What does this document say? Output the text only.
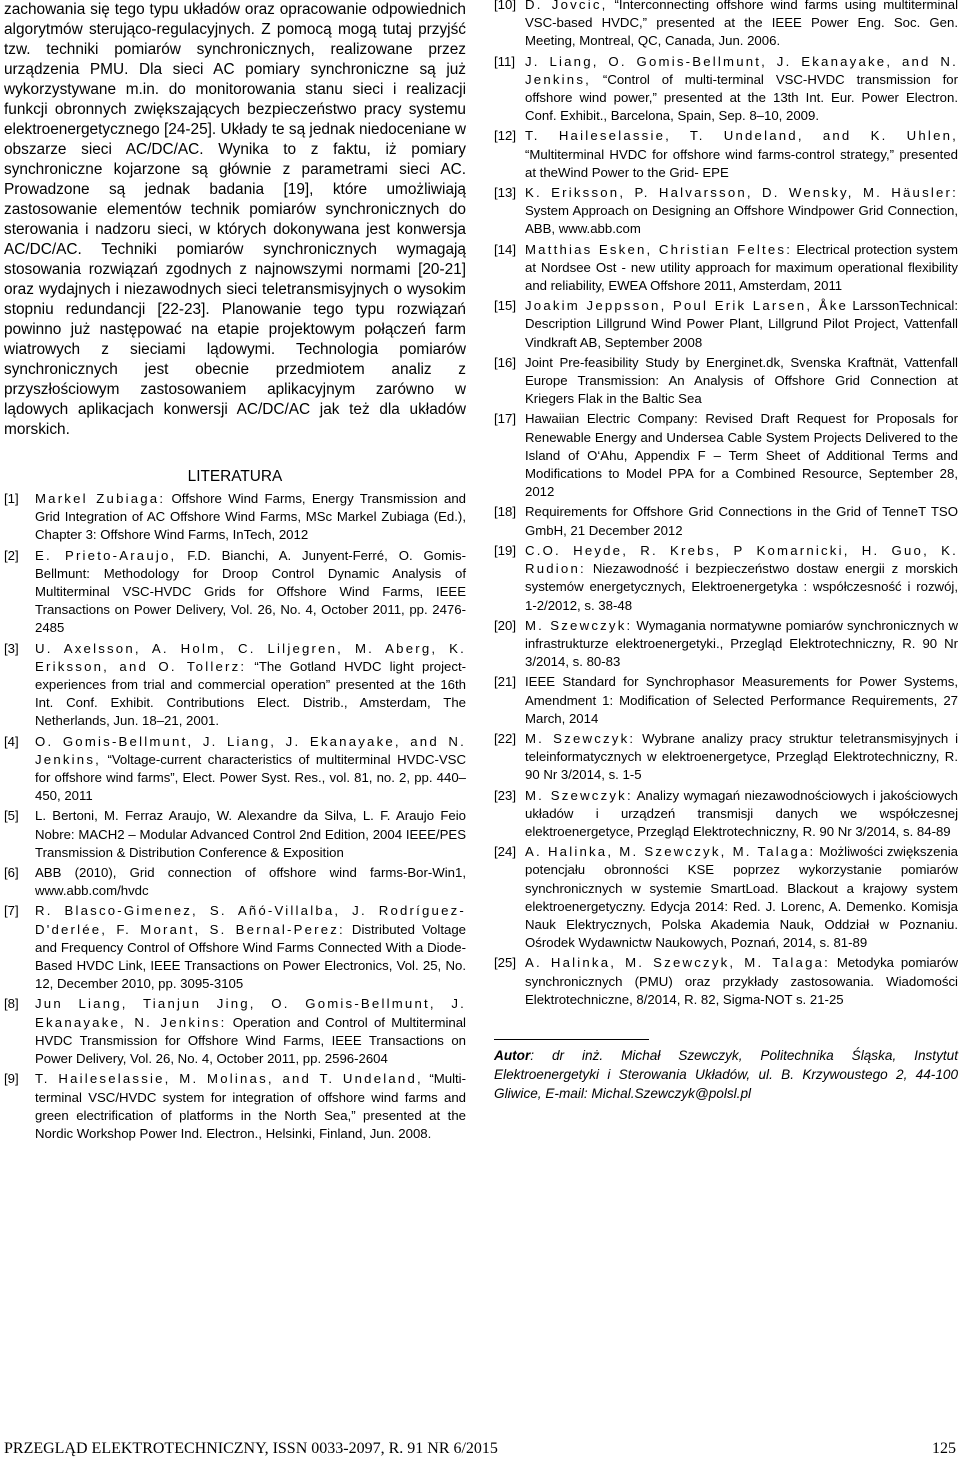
zachowania się tego typu układów oraz opracowanie odpowiednich algorytmów sterująco-regulacyjnych. Z pomocą mogą tutaj przyjść tzw. techniki pomiarów synchronicznych, realizowane przez urządzenia PMU. Dla sieci AC pomiary synchroniczne są już wykorzystywane m.in. do monitorowania stanu sieci i realizacji funkcji obronnych zwiększających bezpieczeństwo pracy systemu elektroenergetycznego [24-25]. Układy te są jednak niedoceniane w obszarze sieci AC/DC/AC. Wynika to z faktu, iż pomiary synchroniczne kojarzone są głównie z parametrami sieci AC. Prowadzone są jednak badania [19], które umożliwiają zastosowanie elementów technik pomiarów synchronicznych do sterowania i nadzoru sieci, w których dokonywana jest konwersja AC/DC/AC. Techniki pomiarów synchronicznych wymagają stosowania rozwiązań zgodnych z najnowszymi normami [20-21] oraz wydajnych i niezawodnych sieci teletransmisyjnych o wysokim stopniu redundancji [22-23]. Planowanie tego typu rozwiązań powinno już następować na etapie projektowym połączeń farm wiatrowych z sieciami lądowymi. Technologia pomiarów synchronicznych jest obecnie przedmiotem analiz z przyszłościowym zastosowaniem aplikacyjnym zarówno w lądowych aplikacjach konwersji AC/DC/AC jak też dla układów morskich.

LITERATURA
[1] Markel Zubiaga: Offshore Wind Farms, Energy Transmission and Grid Integration of AC Offshore Wind Farms, MSc Markel Zubiaga (Ed.), Chapter 3: Offshore Wind Farms, InTech, 2012
[2] E. Prieto-Araujo, F.D. Bianchi, A. Junyent-Ferré, O. Gomis-Bellmunt: Methodology for Droop Control Dynamic Analysis of Multiterminal VSC-HVDC Grids for Offshore Wind Farms, IEEE Transactions on Power Delivery, Vol. 26, No. 4, October 2011, pp. 2476-2485
[3] U. Axelsson, A. Holm, C. Liljegren, M. Aberg, K. Eriksson, and O. Tollerz: “The Gotland HVDC light project-experiences from trial and commercial operation” presented at the 16th Int. Conf. Exhibit. Contributions Elect. Distrib., Amsterdam, The Netherlands, Jun. 18–21, 2001.
[4] O. Gomis-Bellmunt, J. Liang, J. Ekanayake, and N. Jenkins, “Voltage-current characteristics of multiterminal HVDC-VSC for offshore wind farms”, Elect. Power Syst. Res., vol. 81, no. 2, pp. 440–450, 2011
[5] L. Bertoni, M. Ferraz Araujo, W. Alexandre da Silva, L. F. Araujo Feio Nobre: MACH2 – Modular Advanced Control 2nd Edition, 2004 IEEE/PES Transmission & Distribution Conference & Exposition
[6] ABB (2010), Grid connection of offshore wind farms-Bor-Win1, www.abb.com/hvdc
[7] R. Blasco-Gimenez, S. Añó-Villalba, J. Rodríguez-D'derlée, F. Morant, S. Bernal-Perez: Distributed Voltage and Frequency Control of Offshore Wind Farms Connected With a Diode-Based HVDC Link, IEEE Transactions on Power Electronics, Vol. 25, No. 12, December 2010, pp. 3095-3105
[8] Jun Liang, Tianjun Jing, O. Gomis-Bellmunt, J. Ekanayake, N. Jenkins: Operation and Control of Multiterminal HVDC Transmission for Offshore Wind Farms, IEEE Transactions on Power Delivery, Vol. 26, No. 4, October 2011, pp. 2596-2604
[9] T. Haileselassie, M. Molinas, and T. Undeland, “Multi-terminal VSC/HVDC system for integration of offshore wind farms and green electrification of platforms in the North Sea,” presented at the Nordic Workshop Power Ind. Electron., Helsinki, Finland, Jun. 2008.
[10] D. Jovcic, “Interconnecting offshore wind farms using multiterminal VSC-based HVDC,” presented at the IEEE Power Eng. Soc. Gen. Meeting, Montreal, QC, Canada, Jun. 2006.
[11] J. Liang, O. Gomis-Bellmunt, J. Ekanayake, and N. Jenkins, “Control of multi-terminal VSC-HVDC transmission for offshore wind power,” presented at the 13th Int. Eur. Power Electron. Conf. Exhibit., Barcelona, Spain, Sep. 8–10, 2009.
[12] T. Haileselassie, T. Undeland, and K. Uhlen, “Multiterminal HVDC for offshore wind farms-control strategy,” presented at theWind Power to the Grid- EPE
[13] K. Eriksson, P. Halvarsson, D. Wensky, M. Häusler: System Approach on Designing an Offshore Windpower Grid Connection, ABB, www.abb.com
[14] Matthias Esken, Christian Feltes: Electrical protection system at Nordsee Ost - new utility approach for maximum operational flexibility and reliability, EWEA Offshore 2011, Amsterdam, 2011
[15] Joakim Jeppsson, Poul Erik Larsen, Åke LarssonTechnical: Description Lillgrund Wind Power Plant, Lillgrund Pilot Project, Vattenfall Vindkraft AB, September 2008
[16] Joint Pre-feasibility Study by Energinet.dk, Svenska Kraftnät, Vattenfall Europe Transmission: An Analysis of Offshore Grid Connection at Kriegers Flak in the Baltic Sea
[17] Hawaiian Electric Company: Revised Draft Request for Proposals for Renewable Energy and Undersea Cable System Projects Delivered to the Island of O‘Ahu, Appendix F – Term Sheet of Additional Terms and Modifications to Model PPA for a Combined Resource, September 28, 2012
[18] Requirements for Offshore Grid Connections in the Grid of TenneT TSO GmbH, 21 December 2012
[19] C.O. Heyde, R. Krebs, P Komarnicki, H. Guo, K. Rudion: Niezawodność i bezpieczeństwo dostaw energii z morskich systemów energetycznych, Elektroenergetyka : współczesność i rozwój, 1-2/2012, s. 38-48
[20] M. Szewczyk: Wymagania normatywne pomiarów synchronicznych w infrastrukturze elektroenergetyki., Przegląd Elektrotechniczny, R. 90 Nr 3/2014, s. 80-83
[21] IEEE Standard for Synchrophasor Measurements for Power Systems, Amendment 1: Modification of Selected Performance Requirements, 27 March, 2014
[22] M. Szewczyk: Wybrane analizy pracy struktur teletransmisyjnych i teleinformatycznych w elektroenergetyce, Przegląd Elektrotechniczny, R. 90 Nr 3/2014, s. 1-5
[23] M. Szewczyk: Analizy wymagań niezawodnościowych i jakościowych układów i urządzeń transmisji danych we współczesnej elektroenergetyce, Przegląd Elektrotechniczny, R. 90 Nr 3/2014, s. 84-89
[24] A. Halinka, M. Szewczyk, M. Talaga: Możliwości zwiększenia potencjału obronności KSE poprzez wykorzystanie pomiarów synchronicznych w systemie SmartLoad. Blackout a krajowy system elektroenergetyczny. Edycja 2014: Red. J. Lorenc, A. Demenko. Komisja Nauk Elektrycznych, Polska Akademia Nauk, Oddział w Poznaniu. Ośrodek Wydawnictw Naukowych, Poznań, 2014, s. 81-89
[25] A. Halinka, M. Szewczyk, M. Talaga: Metodyka pomiarów synchronicznych (PMU) oraz przykłady zastosowania. Wiadomości Elektrotechniczne, 8/2014, R. 82, Sigma-NOT s. 21-25

Autor: dr inż. Michał Szewczyk, Politechnika Śląska, Instytut Elektroenergetyki i Sterowania Układów, ul. B. Krzywoustego 2, 44-100 Gliwice, E-mail: Michal.Szewczyk@polsl.pl

PRZEGLĄD ELEKTROTECHNICZNY, ISSN 0033-2097, R. 91 NR 6/2015	125
